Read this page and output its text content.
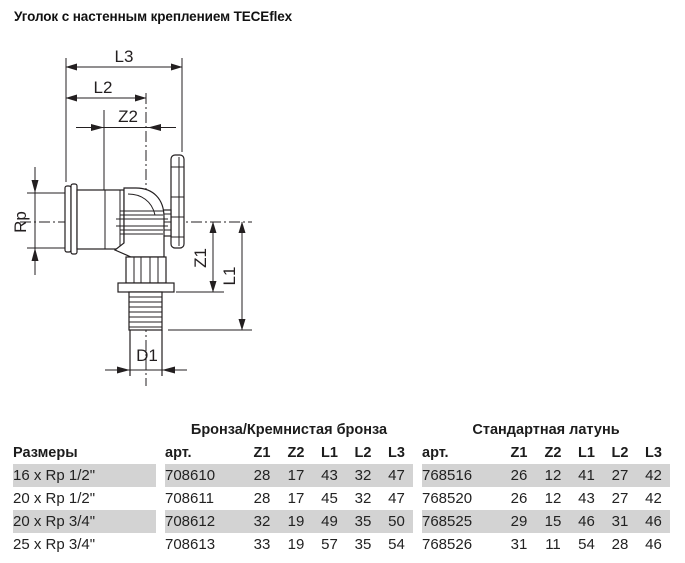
Уголок с настенным креплением TECEflex
L3
L2
Z2
Rp
Z1
L1
D1
		Бронза/Кремнистая бронза							Стандартная латунь					
Размеры		арт.	Z1	Z2	L1	L2	L3		арт.	Z1	Z2	L1	L2	L3
16 x Rp 1/2"		708610	28	17	43	32	47		768516	26	12	41	27	42
20 x Rp 1/2"		708611	28	17	45	32	47		768520	26	12	43	27	42
20 x Rp 3/4"		708612	32	19	49	35	50		768525	29	15	46	31	46
25 x Rp 3/4"		708613	33	19	57	35	54		768526	31	11	54	28	46
